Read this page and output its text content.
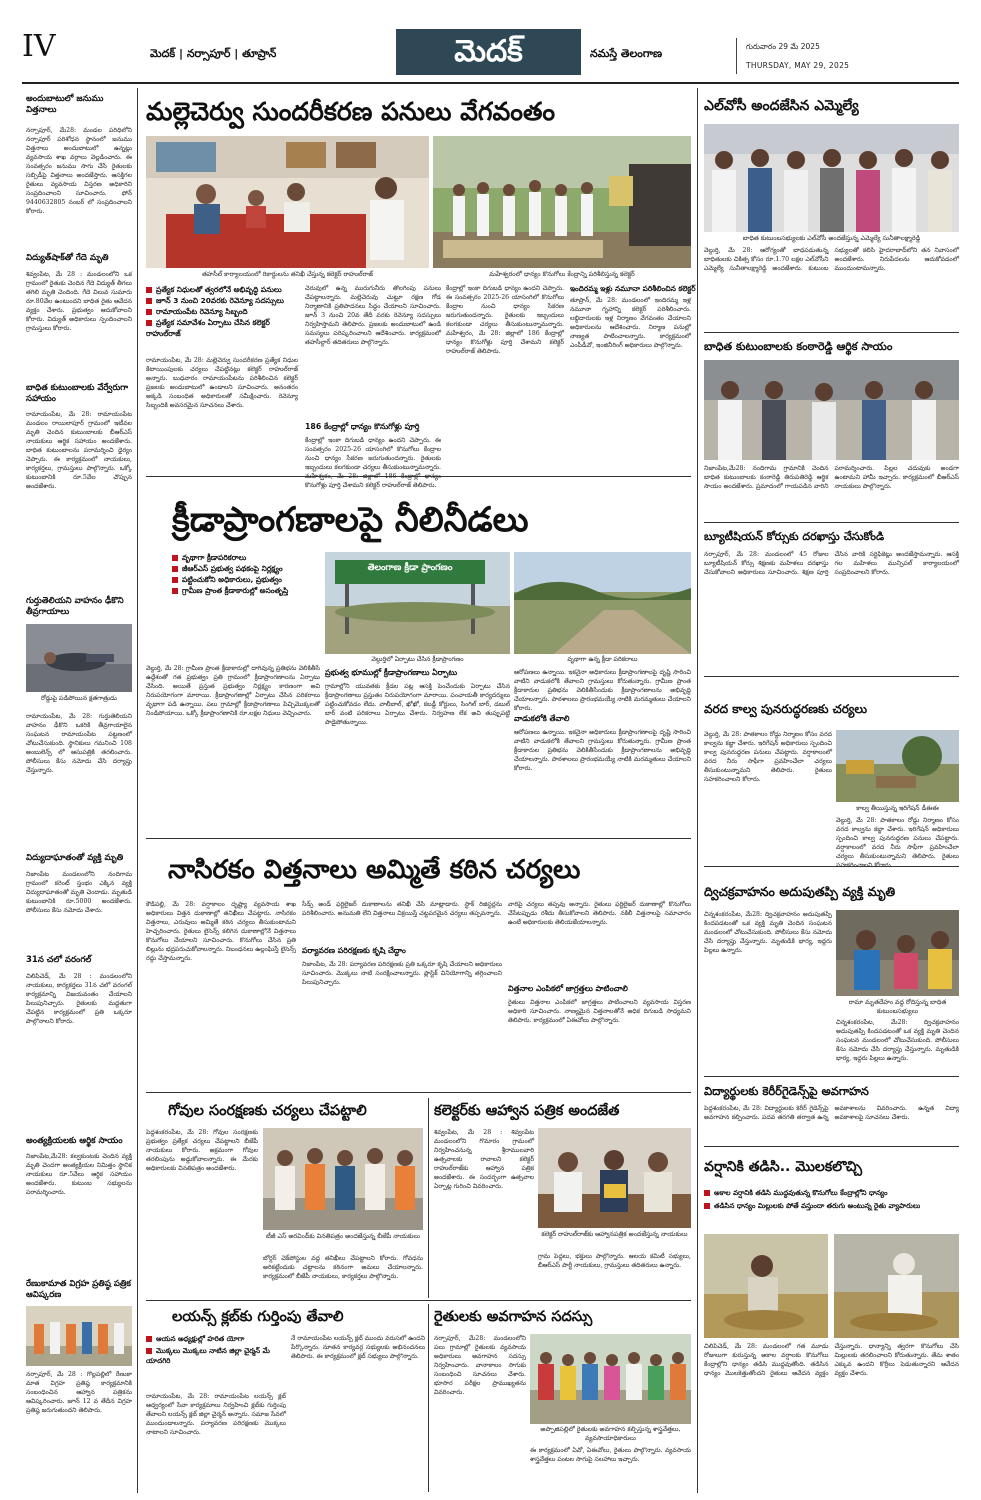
IV	మెదక్ | నర్సాపూర్ | తూప్రాన్	మెదక్	నమస్తే తెలంగాణ
గురువారం 29 మే 2025
THURSDAY, MAY 29, 2025
అందుబాటులో జనుము విత్తనాలు
నర్సాపూర్, మే28: మండల పరిధిలోని నర్సాపూర్ పరిశోధన స్థానంలో జనుము విత్తనాలు అందుబాటులో ఉన్నట్లు వ్యవసాయ శాఖ వర్గాలు వెల్లడించారు. ఈ సంవత్సరం జనుము సాగు చేసే రైతులకు సబ్సిడీపై విత్తనాలు అందజేస్తారు. ఆసక్తిగల రైతులు వ్యవసాయ విస్తరణ అధికారిని సంప్రదించాలని సూచించారు. ఫోన్ 9440632805 నంబర్ లో సంప్రదించాలని కోరారు.
విద్యుత్‌షాక్‌తో గేదె మృతి
శివ్వంపేట, మే 28 : మండలంలోని ఒక గ్రామంలో రైతుకు చెందిన గేదె విద్యుత్ తీగలు తగిలి మృతి చెందింది. గేదె విలువ సుమారు రూ.80వేల ఉంటుందని బాధిత రైతు ఆవేదన వ్యక్తం చేశారు. ప్రభుత్వం ఆదుకోవాలని కోరారు. విద్యుత్ అధికారులు స్పందించాలని గ్రామస్తులు కోరారు.
బాధిత కుటుంబాలకు వేర్వేరుగా సహాయం
రామాయంపేట, మే 28: రామాయంపేట మండలం రాయిలాపూర్ గ్రామంలో ఇటీవల మృతి చెందిన కుటుంబాలకు బీఆర్‌ఎస్ నాయకులు ఆర్థిక సహాయం అందజేశారు. బాధిత కుటుంబాలను పరామర్శించి ధైర్యం చెప్పారు. ఈ కార్యక్రమంలో నాయకులు, కార్యకర్తలు, గ్రామస్తులు పాల్గొన్నారు. ఒక్కో కుటుంబానికి రూ.5వేల చొప్పున అందజేశారు.
గుర్తుతెలియని వాహనం ఢీకొని తీవ్రగాయాలు
రోడ్డుపై పడిపోయిన క్షతగాత్రుడు
రామాయంపేట, మే 28: గుర్తుతెలియని వాహనం ఢీకొని ఒకరికి తీవ్రగాయాలైన సంఘటన రామాయంపేట పట్టణంలో చోటుచేసుకుంది. స్థానికులు గమనించి 108 అంబులెన్స్ లో ఆసుపత్రికి తరలించారు. పోలీసులు కేసు నమోదు చేసి దర్యాప్తు చేస్తున్నారు.
విద్యుదాఘాతంతో వ్యక్తి మృతి
నిజాంపేట మండలంలోని నందిగామ గ్రామంలో కరెంట్ స్తంభం ఎక్కిన వ్యక్తి విద్యుదాఘాతంతో మృతి చెందాడు. మృతుడి కుటుంబానికి రూ.5000 అందజేశారు. పోలీసులు కేసు నమోదు చేశారు.
31న చలో వరంగల్
చిలిపిచెడ్, మే 28 : మండలంలోని నాయకులు, కార్యకర్తలు 31న చలో వరంగల్ కార్యక్రమాన్ని విజయవంతం చేయాలని పిలుపునిచ్చారు. రైతులకు మద్దతుగా చేపట్టిన కార్యక్రమంలో ప్రతి ఒక్కరూ పాల్గొనాలని కోరారు.
అంత్యక్రియలకు ఆర్థిక సాయం
నిజాంపేట,మే28: కల్వకుంటకు చెందిన వ్యక్తి మృతి చెందగా అంత్యక్రియల నిమిత్తం స్థానిక నాయకులు రూ.5వేలు ఆర్థిక సహాయం అందజేశారు. కుటుంబ సభ్యులను పరామర్శించారు.
రేణుకామాత విగ్రహ ప్రతిష్ఠ పత్రిక ఆవిష్కరణ
నర్సాపూర్, మే 28 : గొల్లపల్లిలో రేణుకా మాత విగ్రహ ప్రతిష్ఠ కార్యక్రమానికి సంబంధించిన ఆహ్వాన పత్రికను ఆవిష్కరించారు. జూన్ 12 వ తేదీన విగ్రహ ప్రతిష్ఠ జరుగుతుందని తెలిపారు.
మల్లెచెర్వు సుందరీకరణ పనులు వేగవంతం
తహసీల్ కార్యాలయంలో రికార్డులను తనిఖీ చేస్తున్న కలెక్టర్ రాహుల్‌రాజ్	మహేశ్వరంలో ధాన్యం కొనుగోలు కేంద్రాన్ని పరిశీలిస్తున్న కలెక్టర్
ప్రత్యేక నిధులతో త్వరలోనే అభివృద్ధి పనులు
జూన్ 3 నుంచి 20వరకు రెవెన్యూ సదస్సులు
రామాయంపేట రెవెన్యూ సిబ్బంది
ప్రత్యేక సమావేశం ఏర్పాటు చేసిన కలెక్టర్ రాహుల్‌రాజ్
రామాయంపేట, మే 28: మల్లెచెర్వు సుందరీకరణ ప్రత్యేక నిధుల కేటాయింపులకు చర్యలు చేపట్టినట్లు కలెక్టర్ రాహుల్‌రాజ్ అన్నారు. బుధవారం రామాయంపేటను పరిశీలించిన కలెక్టర్ ప్రజలకు అందుబాటులో ఉండాలని సూచించారు. అనంతరం అక్కడి సంబంధిత అధికారులతో సమీక్షించారు. రెవెన్యూ సిబ్బందికి అవసరమైన సూచనలు చేశారు.
చెరువులో ఉన్న మురుగునీరు తొలగింపు పనులు చేపట్టాలన్నారు. మల్లెచెరువు చుట్టూ రక్షణ గోడ నిర్మాణానికి ప్రతిపాదనలు సిద్ధం చేయాలని సూచించారు. జూన్ 3 నుంచి 20వ తేదీ వరకు రెవెన్యూ సదస్సులు నిర్వహిస్తామని తెలిపారు. ప్రజలకు అందుబాటులో ఉండి సమస్యలు పరిష్కరించాలని ఆదేశించారు. కార్యక్రమంలో తహసీల్దార్ తదితరులు పాల్గొన్నారు.
186 కేంద్రాల్లో ధాన్యం కొనుగోళ్లు పూర్తి
కేంద్రాల్లో ఇంకా దిగుబడి ధాన్యం ఉందని చెప్పారు. ఈ సంవత్సరం 2025-26 యాసంగిలో కొనుగోలు కేంద్రాల నుంచి ధాన్యం సేకరణ జరుగుతుందన్నారు. రైతులకు ఇబ్బందులు కలగకుండా చర్యలు తీసుకుంటున్నామన్నారు. కొనుగోళ్లు పూర్తి చేశామని కలెక్టర్ రాహుల్‌రాజ్ తెలిపారు.
కేంద్రాల్లో ఇంకా దిగుబడి ధాన్యం ఉందని చెప్పారు. ఈ సంవత్సరం 2025-26 యాసంగిలో కొనుగోలు కేంద్రాల నుంచి ధాన్యం సేకరణ జరుగుతుందన్నారు. రైతులకు ఇబ్బందులు కలగకుండా చర్యలు తీసుకుంటున్నామన్నారు. మహేశ్వరం, మే 28: జిల్లాలో 186 కేంద్రాల్లో ధాన్యం కొనుగోళ్లు పూర్తి చేశామని కలెక్టర్ రాహుల్‌రాజ్ తెలిపారు.
ఇందిరమ్మ ఇళ్లు నమూనా పరిశీలించిన కలెక్టర్
తూప్రాన్, మే 28: మండలంలో ఇందిరమ్మ ఇళ్ల నమూనా గృహాన్ని కలెక్టర్ పరిశీలించారు. లబ్ధిదారులకు ఇళ్ల నిర్మాణం వేగవంతం చేయాలని అధికారులను ఆదేశించారు. నిర్మాణ పనుల్లో నాణ్యత పాటించాలన్నారు. కార్యక్రమంలో ఎంపీడీవో, ఇంజినీరింగ్ అధికారులు పాల్గొన్నారు.
క్రీడాప్రాంగణాలపై నీలినీడలు
వృథాగా క్రీడాపరికరాలు
జీఆర్‌ఎస్ ప్రభుత్వ పథకంపై నిర్లక్ష్యం
పట్టించుకోని అధికారులు, ప్రభుత్వం
గ్రామీణ ప్రాంత క్రీడాకారుల్లో అసంతృప్తి
తెలంగాణ క్రీడా ప్రాంగణం
వెల్దుర్తిలో ఏర్పాటు చేసిన క్రీడాప్రాంగణం	వృథాగా ఉన్న క్రీడా పరికరాలు
వెల్దుర్తి, మే 28: గ్రామీణ ప్రాంత క్రీడాకారుల్లో దాగివున్న ప్రతిభను వెలికితీసే ఉద్దేశంతో గత ప్రభుత్వం ప్రతి గ్రామంలో క్రీడాప్రాంగణాలను ఏర్పాటు చేసింది. అయితే ప్రస్తుత ప్రభుత్వం నిర్లక్ష్యం కారణంగా అవి నిరుపయోగంగా మారాయి. క్రీడాప్రాంగణాల్లో ఏర్పాటు చేసిన పరికరాలు వృథాగా పడి ఉన్నాయి. పలు గ్రామాల్లో క్రీడాప్రాంగణాలు పిచ్చిమొక్కలతో నిండిపోయాయి. ఒక్కో క్రీడాప్రాంగణానికి రూ.లక్షల నిధులు వెచ్చించారు.
ప్రభుత్వ భూముల్లో క్రీడాప్రాంగణాలు ఏర్పాటు
గ్రామాల్లోని యువతకు క్రీడల పట్ల ఆసక్తి పెంచేందుకు ఏర్పాటు చేసిన క్రీడాప్రాంగణాలు ప్రస్తుతం నిరుపయోగంగా మారాయి. పంచాయతీ కార్యదర్శులు పట్టించుకోవడం లేదు. వాలీబాల్, ఖోఖో, కబడ్డీ కోర్టులు, సింగిల్ బార్, డబుల్ బార్ వంటి పరికరాలు ఏర్పాటు చేశారు. నిర్వహణ లేక అవి తుప్పుపట్టి పాడైపోతున్నాయి.
ఆరోపణలు ఉన్నాయి. ఇకనైనా అధికారులు క్రీడాప్రాంగణాలపై దృష్టి సారించి వాటిని వాడుకలోకి తేవాలని గ్రామస్తులు కోరుతున్నారు. గ్రామీణ ప్రాంత క్రీడాకారుల ప్రతిభను వెలికితీసేందుకు క్రీడాప్రాంగణాలను అభివృద్ధి చేయాలన్నారు. పాఠశాలలు ప్రారంభమయ్యే నాటికి మరమ్మతులు చేయాలని కోరారు.
వాడుకలోకి తేవాలి
ఆరోపణలు ఉన్నాయి. ఇకనైనా అధికారులు క్రీడాప్రాంగణాలపై దృష్టి సారించి వాటిని వాడుకలోకి తేవాలని గ్రామస్తులు కోరుతున్నారు. గ్రామీణ ప్రాంత క్రీడాకారుల ప్రతిభను వెలికితీసేందుకు క్రీడాప్రాంగణాలను అభివృద్ధి చేయాలన్నారు. పాఠశాలలు ప్రారంభమయ్యే నాటికి మరమ్మతులు చేయాలని కోరారు.
నాసిరకం విత్తనాలు అమ్మితే కఠిన చర్యలు
కౌడిపల్లి, మే 28: వర్షాకాలం దృష్ట్యా వ్యవసాయ శాఖ అధికారులు విత్తన దుకాణాల్లో తనిఖీలు చేపట్టారు. నాసిరకం విత్తనాలు, ఎరువులు అమ్మితే కఠిన చర్యలు తీసుకుంటామని హెచ్చరించారు. రైతులు లైసెన్స్ కలిగిన దుకాణాల్లోనే విత్తనాలు కొనుగోలు చేయాలని సూచించారు. కొనుగోలు చేసిన ప్రతి బిల్లును భద్రపరుచుకోవాలన్నారు. నిబంధనలు ఉల్లంఘిస్తే లైసెన్స్ రద్దు చేస్తామన్నారు.
సీడ్స్ అండ్ ఫర్టిలైజర్ దుకాణాలను తనిఖీ చేసి మాట్లాడారు. స్టాక్ రిజిస్టర్లను పరిశీలించారు. అనుమతి లేని విత్తనాలు విక్రయిస్తే చట్టపరమైన చర్యలు తప్పవన్నారు.
పర్యావరణ పరిరక్షణకు కృషి చేద్దాం
నిజాంపేట, మే 28: పర్యావరణ పరిరక్షణకు ప్రతి ఒక్కరూ కృషి చేయాలని అధికారులు సూచించారు. మొక్కలు నాటి సంరక్షించాలన్నారు. ప్లాస్టిక్ వినియోగాన్ని తగ్గించాలని పిలుపునిచ్చారు.
వారిపై చర్యలు తప్పవు అన్నారు. రైతులు ఫర్టిలైజర్ దుకాణాల్లో కొనుగోలు చేసేటప్పుడు రశీదు తీసుకోవాలని తెలిపారు. నకిలీ విత్తనాలపై సమాచారం ఉంటే అధికారులకు తెలియజేయాలన్నారు.
విత్తనాల ఎంపికలో జాగ్రత్తలు పాటించాలి
రైతులు విత్తనాల ఎంపికలో జాగ్రత్తలు పాటించాలని వ్యవసాయ విస్తరణ అధికారి సూచించారు. నాణ్యమైన విత్తనాలతోనే అధిక దిగుబడి సాధ్యమని తెలిపారు. కార్యక్రమంలో ఏఈవోలు పాల్గొన్నారు.
గోవుల సంరక్షణకు చర్యలు చేపట్టాలి
పెద్దశంకరంపేట, మే 28: గోవుల సంరక్షణకు ప్రభుత్వం ప్రత్యేక చర్యలు చేపట్టాలని బీజేపీ నాయకులు కోరారు. అక్రమంగా గోవుల తరలింపును అడ్డుకోవాలన్నారు. ఈ మేరకు అధికారులకు వినతిపత్రం అందజేశారు.
టీజీ ఎస్ అరవింద్‌కు వినతిపత్రం అందజేస్తున్న బీజేపీ నాయకులు
బోర్డర్ చెక్‌పోస్టుల వద్ద తనిఖీలు చేపట్టాలని కోరారు. గోవధను అరికట్టేందుకు చట్టాలను కఠినంగా అమలు చేయాలన్నారు. కార్యక్రమంలో బీజేపీ నాయకులు, కార్యకర్తలు పాల్గొన్నారు.
కలెక్టర్‌కు ఆహ్వాన పత్రిక అందజేత
శివ్వంపేట, మే 28 : శివ్వంపేట మండలంలోని గొమారం గ్రామంలో నిర్వహించనున్న శ్రీరాములవారి ఉత్సవాలకు రావాలని కలెక్టర్ రాహుల్‌రాజ్‌కు ఆహ్వాన పత్రిక అందజేశారు. ఈ సందర్భంగా ఉత్సవాల ఏర్పాట్ల గురించి వివరించారు.
కలెక్టర్ రాహుల్‌రాజ్‌కు ఆహ్వానపత్రిక అందజేస్తున్న నాయకులు
గ్రామ పెద్దలు, భక్తులు పాల్గొన్నారు. ఆలయ కమిటీ సభ్యులు, బీఆర్‌ఎస్ పార్టీ నాయకులు, గ్రామస్తులు తదితరులు ఉన్నారు.
లయన్స్ క్లబ్‌కు గుర్తింపు తేవాలి
ఆయన అధ్యక్షుల్లో హరిత యోగా
మొక్కలు మొక్కలు నాటిన జిల్లా చైర్మన్ మే యాదగిరి
రామాయంపేట, మే 28: రామాయంపేట లయన్స్ క్లబ్ ఆధ్వర్యంలో సేవా కార్యక్రమాలు నిర్వహించి క్లబ్‌కు గుర్తింపు తేవాలని లయన్స్ క్లబ్ జిల్లా చైర్మన్ అన్నారు. సమాజ సేవలో ముందుండాలన్నారు. పర్యావరణ పరిరక్షణకు మొక్కలు నాటాలని సూచించారు.
నే రామాయంపేట లయన్స్ క్లబ్ ముందు వరుసలో ఉందని పేర్కొన్నారు. నూతన కార్యవర్గ సభ్యులకు అభినందనలు తెలిపారు. ఈ కార్యక్రమంలో క్లబ్ సభ్యులు పాల్గొన్నారు.
రైతులకు అవగాహన సదస్సు
నర్సాపూర్, మే28: మండలంలోని పలు గ్రామాల్లో రైతులకు వ్యవసాయ అధికారులు అవగాహన సదస్సు నిర్వహించారు. వానాకాలం సాగుకు సంబంధించి సూచనలు చేశారు. భూసార పరీక్షల ప్రాముఖ్యతను వివరించారు.
అప్పాజిపల్లిలో రైతులకు అవగాహన కల్పిస్తున్న శాస్త్రవేత్తలు, వ్యవసాయాధికారులు
ఈ కార్యక్రమంలో ఏవో, ఏఈవోలు, రైతులు పాల్గొన్నారు. వ్యవసాయ శాస్త్రవేత్తలు పంటల సాగుపై సలహాలు ఇచ్చారు.
ఎల్‌వోసీ అందజేసిన ఎమ్మెల్యే
బాధిత కుటుంబసభ్యులకు ఎల్‌వోసీ అందజేస్తున్న ఎమ్మెల్యే సునీతాలక్ష్మారెడ్డి
వెల్దుర్తి, మే 28: ఆరోగ్యంతో బాధపడుతున్న బాధితులకు చికిత్స కోసం రూ.1.70 లక్షల ఎల్‌వోసీని ఎమ్మెల్యే సునీతాలక్ష్మారెడ్డి అందజేశారు. కుటుంబ సభ్యులతో కలిసి హైదరాబాద్‌లోని తన నివాసంలో అందజేశారు. నిరుపేదలను ఆదుకోవడంలో ముందుంటామన్నారు.
బాధిత కుటుంబాలకు కంఠారెడ్డి ఆర్థిక సాయం
నిజాంపేట,మే28: నందిగామ గ్రామానికి చెందిన బాధిత కుటుంబాలకు కంఠారెడ్డి తిరుపతిరెడ్డి ఆర్థిక సాయం అందజేశారు. ప్రమాదంలో గాయపడిన వారిని పరామర్శించారు. పిల్లల చదువుకు అండగా ఉంటామని హామీ ఇచ్చారు. కార్యక్రమంలో బీఆర్‌ఎస్ నాయకులు పాల్గొన్నారు.
బ్యూటీషియన్ కోర్సుకు దరఖాస్తు చేసుకోండి
నర్సాపూర్, మే 28: మండలంలో 45 రోజుల బ్యూటీషియన్ కోర్సు శిక్షణకు మహిళలు దరఖాస్తు చేసుకోవాలని అధికారులు సూచించారు. శిక్షణ పూర్తి చేసిన వారికి సర్టిఫికెట్లు అందజేస్తామన్నారు. ఆసక్తి గల మహిళలు మున్సిపల్ కార్యాలయంలో సంప్రదించాలని కోరారు.
వరద కాల్వ పునరుద్ధరణకు చర్యలు
వెల్దుర్తి, మే 28: పాతకాలం రోడ్డు నిర్మాణం కోసం వరద కాల్వను కబ్జా చేశారు. ఇరిగేషన్ అధికారులు స్పందించి కాల్వ పునరుద్ధరణ పనులు చేపట్టారు. వర్షాకాలంలో వరద నీరు సాఫీగా ప్రవహించేలా చర్యలు తీసుకుంటున్నామని తెలిపారు. రైతులు సహకరించాలని కోరారు.
కాల్వ తీయిస్తున్న ఇరిగేషన్ డీఈఈ
వెల్దుర్తి, మే 28: పాతకాలం రోడ్డు నిర్మాణం కోసం వరద కాల్వను కబ్జా చేశారు. ఇరిగేషన్ అధికారులు స్పందించి కాల్వ పునరుద్ధరణ పనులు చేపట్టారు. వర్షాకాలంలో వరద నీరు సాఫీగా ప్రవహించేలా చర్యలు తీసుకుంటున్నామని తెలిపారు. రైతులు
ద్విచక్రవాహనం అదుపుతప్పి వ్యక్తి మృతి
చిన్నశంకరంపేట, మే28: ద్విచక్రవాహనం అదుపుతప్పి కిందపడటంతో ఒక వ్యక్తి మృతి చెందిన సంఘటన మండలంలో చోటుచేసుకుంది. పోలీసులు కేసు నమోదు చేసి దర్యాప్తు చేస్తున్నారు. మృతుడికి భార్య, ఇద్దరు పిల్లలు ఉన్నారు.
రామా మృతదేహం వద్ద రోదిస్తున్న బాధిత కుటుంబసభ్యులు
చిన్నశంకరంపేట, మే28: ద్విచక్రవాహనం అదుపుతప్పి కిందపడటంతో ఒక వ్యక్తి మృతి చెందిన సంఘటన మండలంలో చోటుచేసుకుంది. పోలీసులు కేసు నమోదు చేసి దర్యాప్తు చేస్తున్నారు. మృతుడికి భార్య, ఇద్దరు పిల్లలు ఉన్నారు.
విద్యార్థులకు కెరీర్‌గైడెన్స్‌పై అవగాహన
పెద్దశంకరంపేట, మే 28: విద్యార్థులకు కెరీర్ గైడెన్స్‌పై అవగాహన కల్పించారు. పదవ తరగతి తర్వాత ఉన్న అవకాశాలను వివరించారు. ఉన్నత విద్యా అవకాశాలపై సూచనలు చేశారు.
వర్షానికి తడిసి.. మొలకలొచ్చి
అకాల వర్షానికి తడిసి ముద్దవుతున్న కొనుగోలు కేంద్రాల్లోని ధాన్యం
తడిసిన ధాన్యం మిల్లులకు పోతే వస్తుందా తరుగు అంటున్న రైతు వ్యాపారులు
చిలిపిచెడ్, మే 28: మండలంలో గత మూడు రోజులుగా కురుస్తున్న అకాల వర్షాలకు కొనుగోలు కేంద్రాల్లోని ధాన్యం తడిసి ముద్దవుతోంది. తడిసిన ధాన్యం మొలకెత్తుతోందని రైతులు ఆవేదన వ్యక్తం చేస్తున్నారు. ధాన్యాన్ని త్వరగా కొనుగోలు చేసి మిల్లులకు తరలించాలని కోరుతున్నారు. తేమ శాతం ఎక్కువ ఉందని కొర్రీలు పెడుతున్నారని ఆవేదన వ్యక్తం చేశారు.
